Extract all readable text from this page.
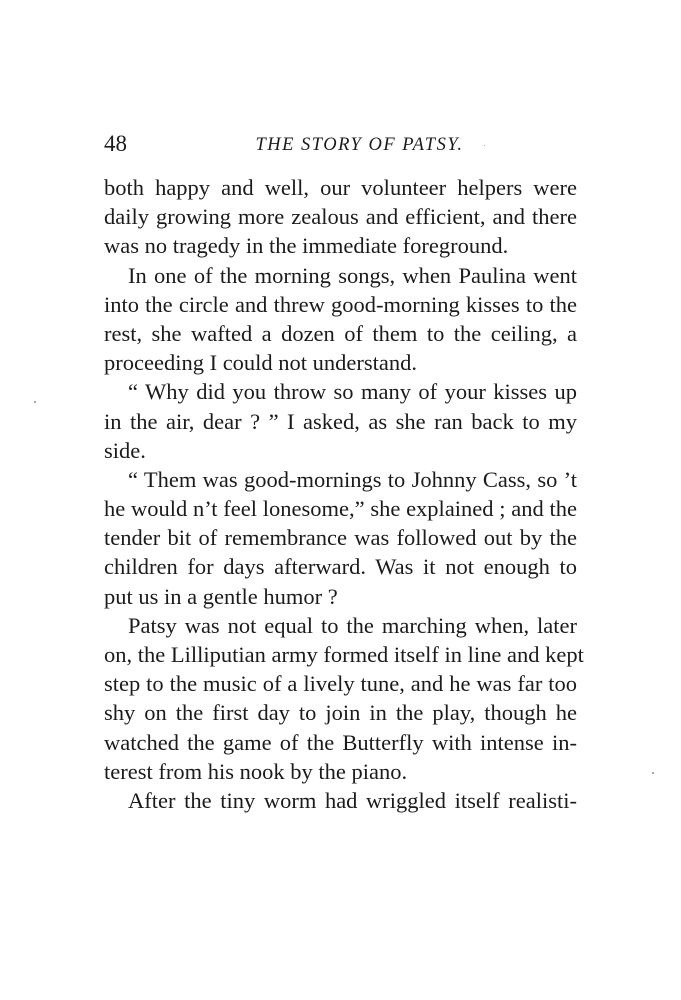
48	THE STORY OF PATSY.
both happy and well, our volunteer helpers were
daily growing more zealous and efficient, and there
was no tragedy in the immediate foreground.
In one of the morning songs, when Paulina went
into the circle and threw good-morning kisses to the
rest, she wafted a dozen of them to the ceiling, a
proceeding I could not understand.
“ Why did you throw so many of your kisses up
in the air, dear ? ” I asked, as she ran back to my
side.
“ Them was good-mornings to Johnny Cass, so ’t
he would n’t feel lonesome,” she explained ; and the
tender bit of remembrance was followed out by the
children for days afterward. Was it not enough to
put us in a gentle humor ?
Patsy was not equal to the marching when, later
on, the Lilliputian army formed itself in line and kept
step to the music of a lively tune, and he was far too
shy on the first day to join in the play, though he
watched the game of the Butterfly with intense in-
terest from his nook by the piano.
After the tiny worm had wriggled itself realisti-
